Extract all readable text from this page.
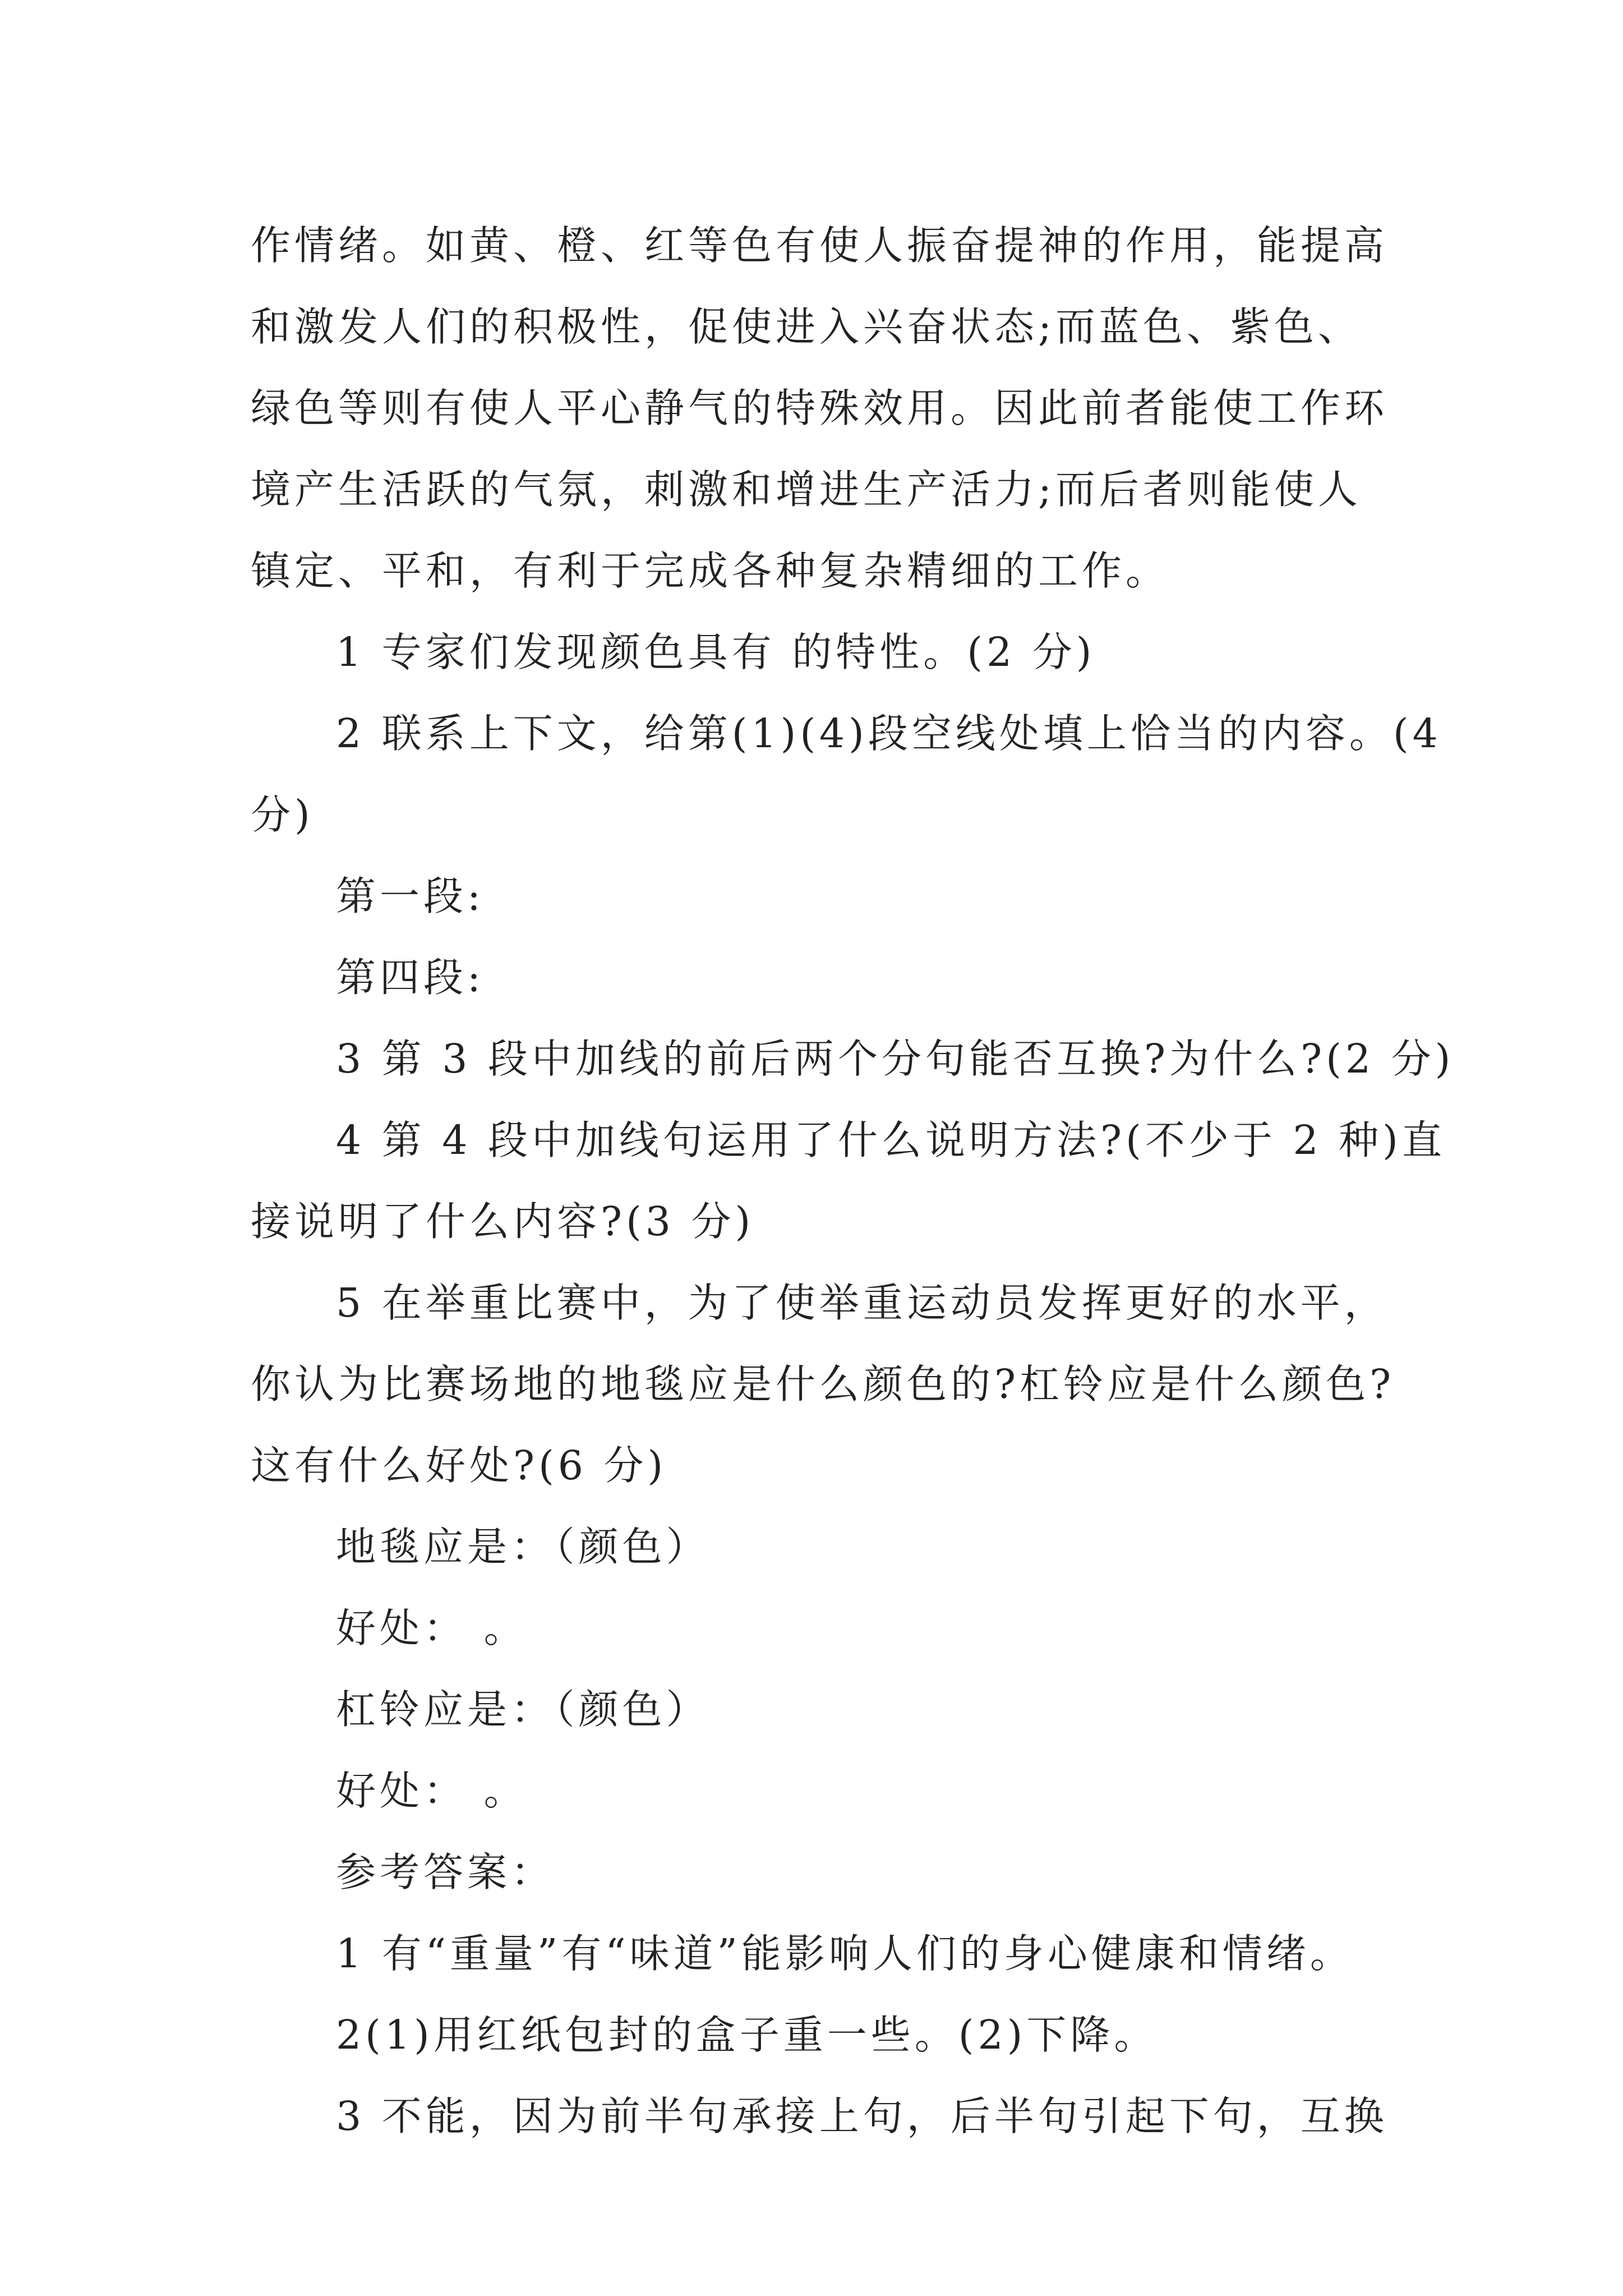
作情绪。如黄、橙、红等色有使人振奋提神的作用，能提高
和激发人们的积极性，促使进入兴奋状态;而蓝色、紫色、
绿色等则有使人平心静气的特殊效用。因此前者能使工作环
境产生活跃的气氛，刺激和增进生产活力;而后者则能使人
镇定、平和，有利于完成各种复杂精细的工作。
1 专家们发现颜色具有 的特性。(2 分)
2 联系上下文，给第(1)(4)段空线处填上恰当的内容。(4
分)
第一段:
第四段:
3 第 3 段中加线的前后两个分句能否互换?为什么?(2 分)
4 第 4 段中加线句运用了什么说明方法?(不少于 2 种)直
接说明了什么内容?(3 分)
5 在举重比赛中，为了使举重运动员发挥更好的水平，
你认为比赛场地的地毯应是什么颜色的?杠铃应是什么颜色?
这有什么好处?(6 分)
地毯应是：（颜色）
好处： 。
杠铃应是：（颜色）
好处： 。
参考答案：
1 有“重量”有“味道”能影响人们的身心健康和情绪。
2(1)用红纸包封的盒子重一些。(2)下降。
3 不能，因为前半句承接上句，后半句引起下句，互换
